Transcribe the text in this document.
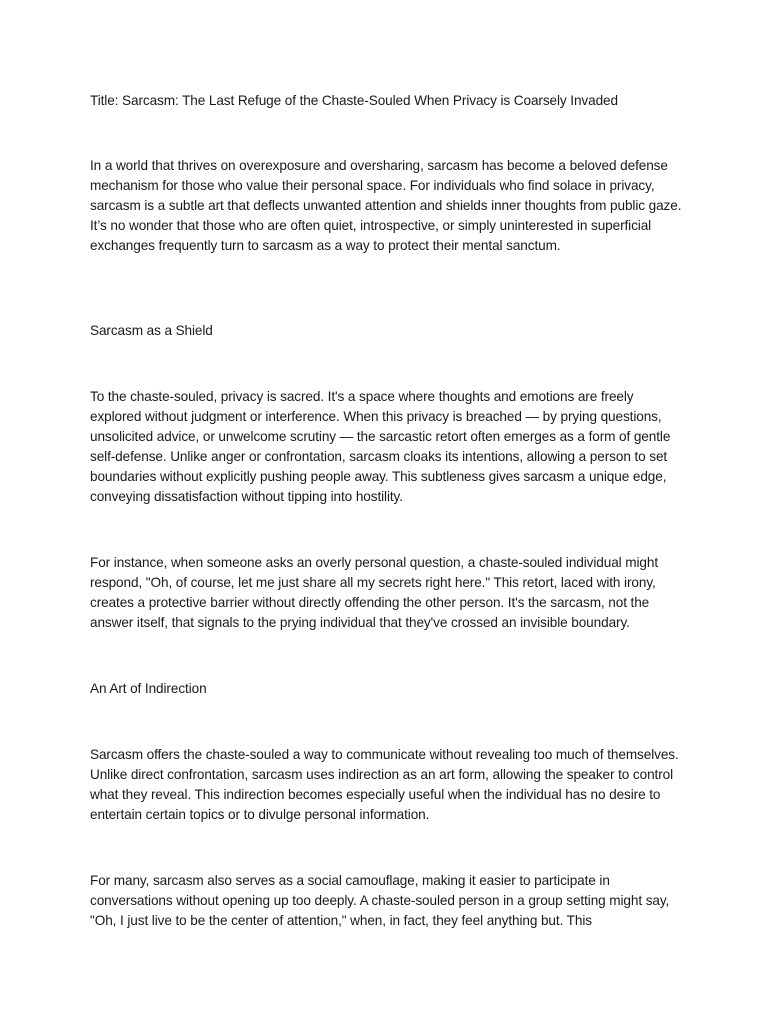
Title: Sarcasm: The Last Refuge of the Chaste-Souled When Privacy is Coarsely Invaded

In a world that thrives on overexposure and oversharing, sarcasm has become a beloved defense mechanism for those who value their personal space. For individuals who find solace in privacy, sarcasm is a subtle art that deflects unwanted attention and shields inner thoughts from public gaze. It’s no wonder that those who are often quiet, introspective, or simply uninterested in superficial exchanges frequently turn to sarcasm as a way to protect their mental sanctum.

Sarcasm as a Shield

To the chaste-souled, privacy is sacred. It's a space where thoughts and emotions are freely explored without judgment or interference. When this privacy is breached — by prying questions, unsolicited advice, or unwelcome scrutiny — the sarcastic retort often emerges as a form of gentle self-defense. Unlike anger or confrontation, sarcasm cloaks its intentions, allowing a person to set boundaries without explicitly pushing people away. This subtleness gives sarcasm a unique edge, conveying dissatisfaction without tipping into hostility.

For instance, when someone asks an overly personal question, a chaste-souled individual might respond, "Oh, of course, let me just share all my secrets right here." This retort, laced with irony, creates a protective barrier without directly offending the other person. It's the sarcasm, not the answer itself, that signals to the prying individual that they've crossed an invisible boundary.

An Art of Indirection

Sarcasm offers the chaste-souled a way to communicate without revealing too much of themselves. Unlike direct confrontation, sarcasm uses indirection as an art form, allowing the speaker to control what they reveal. This indirection becomes especially useful when the individual has no desire to entertain certain topics or to divulge personal information.

For many, sarcasm also serves as a social camouflage, making it easier to participate in conversations without opening up too deeply. A chaste-souled person in a group setting might say, "Oh, I just live to be the center of attention," when, in fact, they feel anything but. This
